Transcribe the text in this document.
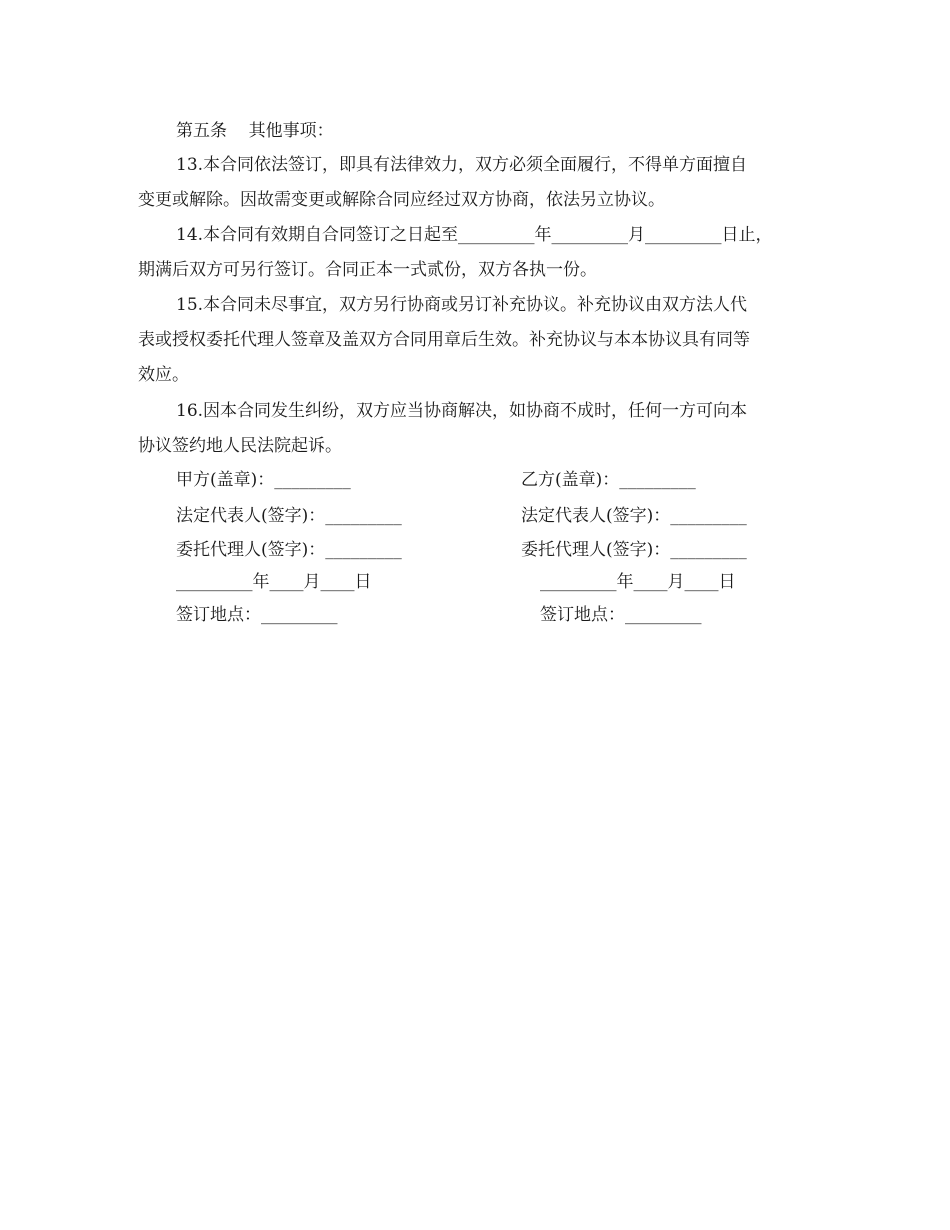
第五条    其他事项：
13.本合同依法签订，即具有法律效力，双方必须全面履行，不得单方面擅自
变更或解除。因故需变更或解除合同应经过双方协商，依法另立协议。
14.本合同有效期自合同签订之日起至_________年_________月_________日止，
期满后双方可另行签订。合同正本一式贰份，双方各执一份。
15.本合同未尽事宜，双方另行协商或另订补充协议。补充协议由双方法人代
表或授权委托代理人签章及盖双方合同用章后生效。补充协议与本本协议具有同等
效应。
16.因本合同发生纠纷，双方应当协商解决，如协商不成时，任何一方可向本
协议签约地人民法院起诉。
甲方(盖章)：_________
法定代表人(签字)：_________
委托代理人(签字)：_________
_________年____月____日
签订地点：_________
乙方(盖章)：_________
法定代表人(签字)：_________
委托代理人(签字)：_________
_________年____月____日
签订地点：_________
